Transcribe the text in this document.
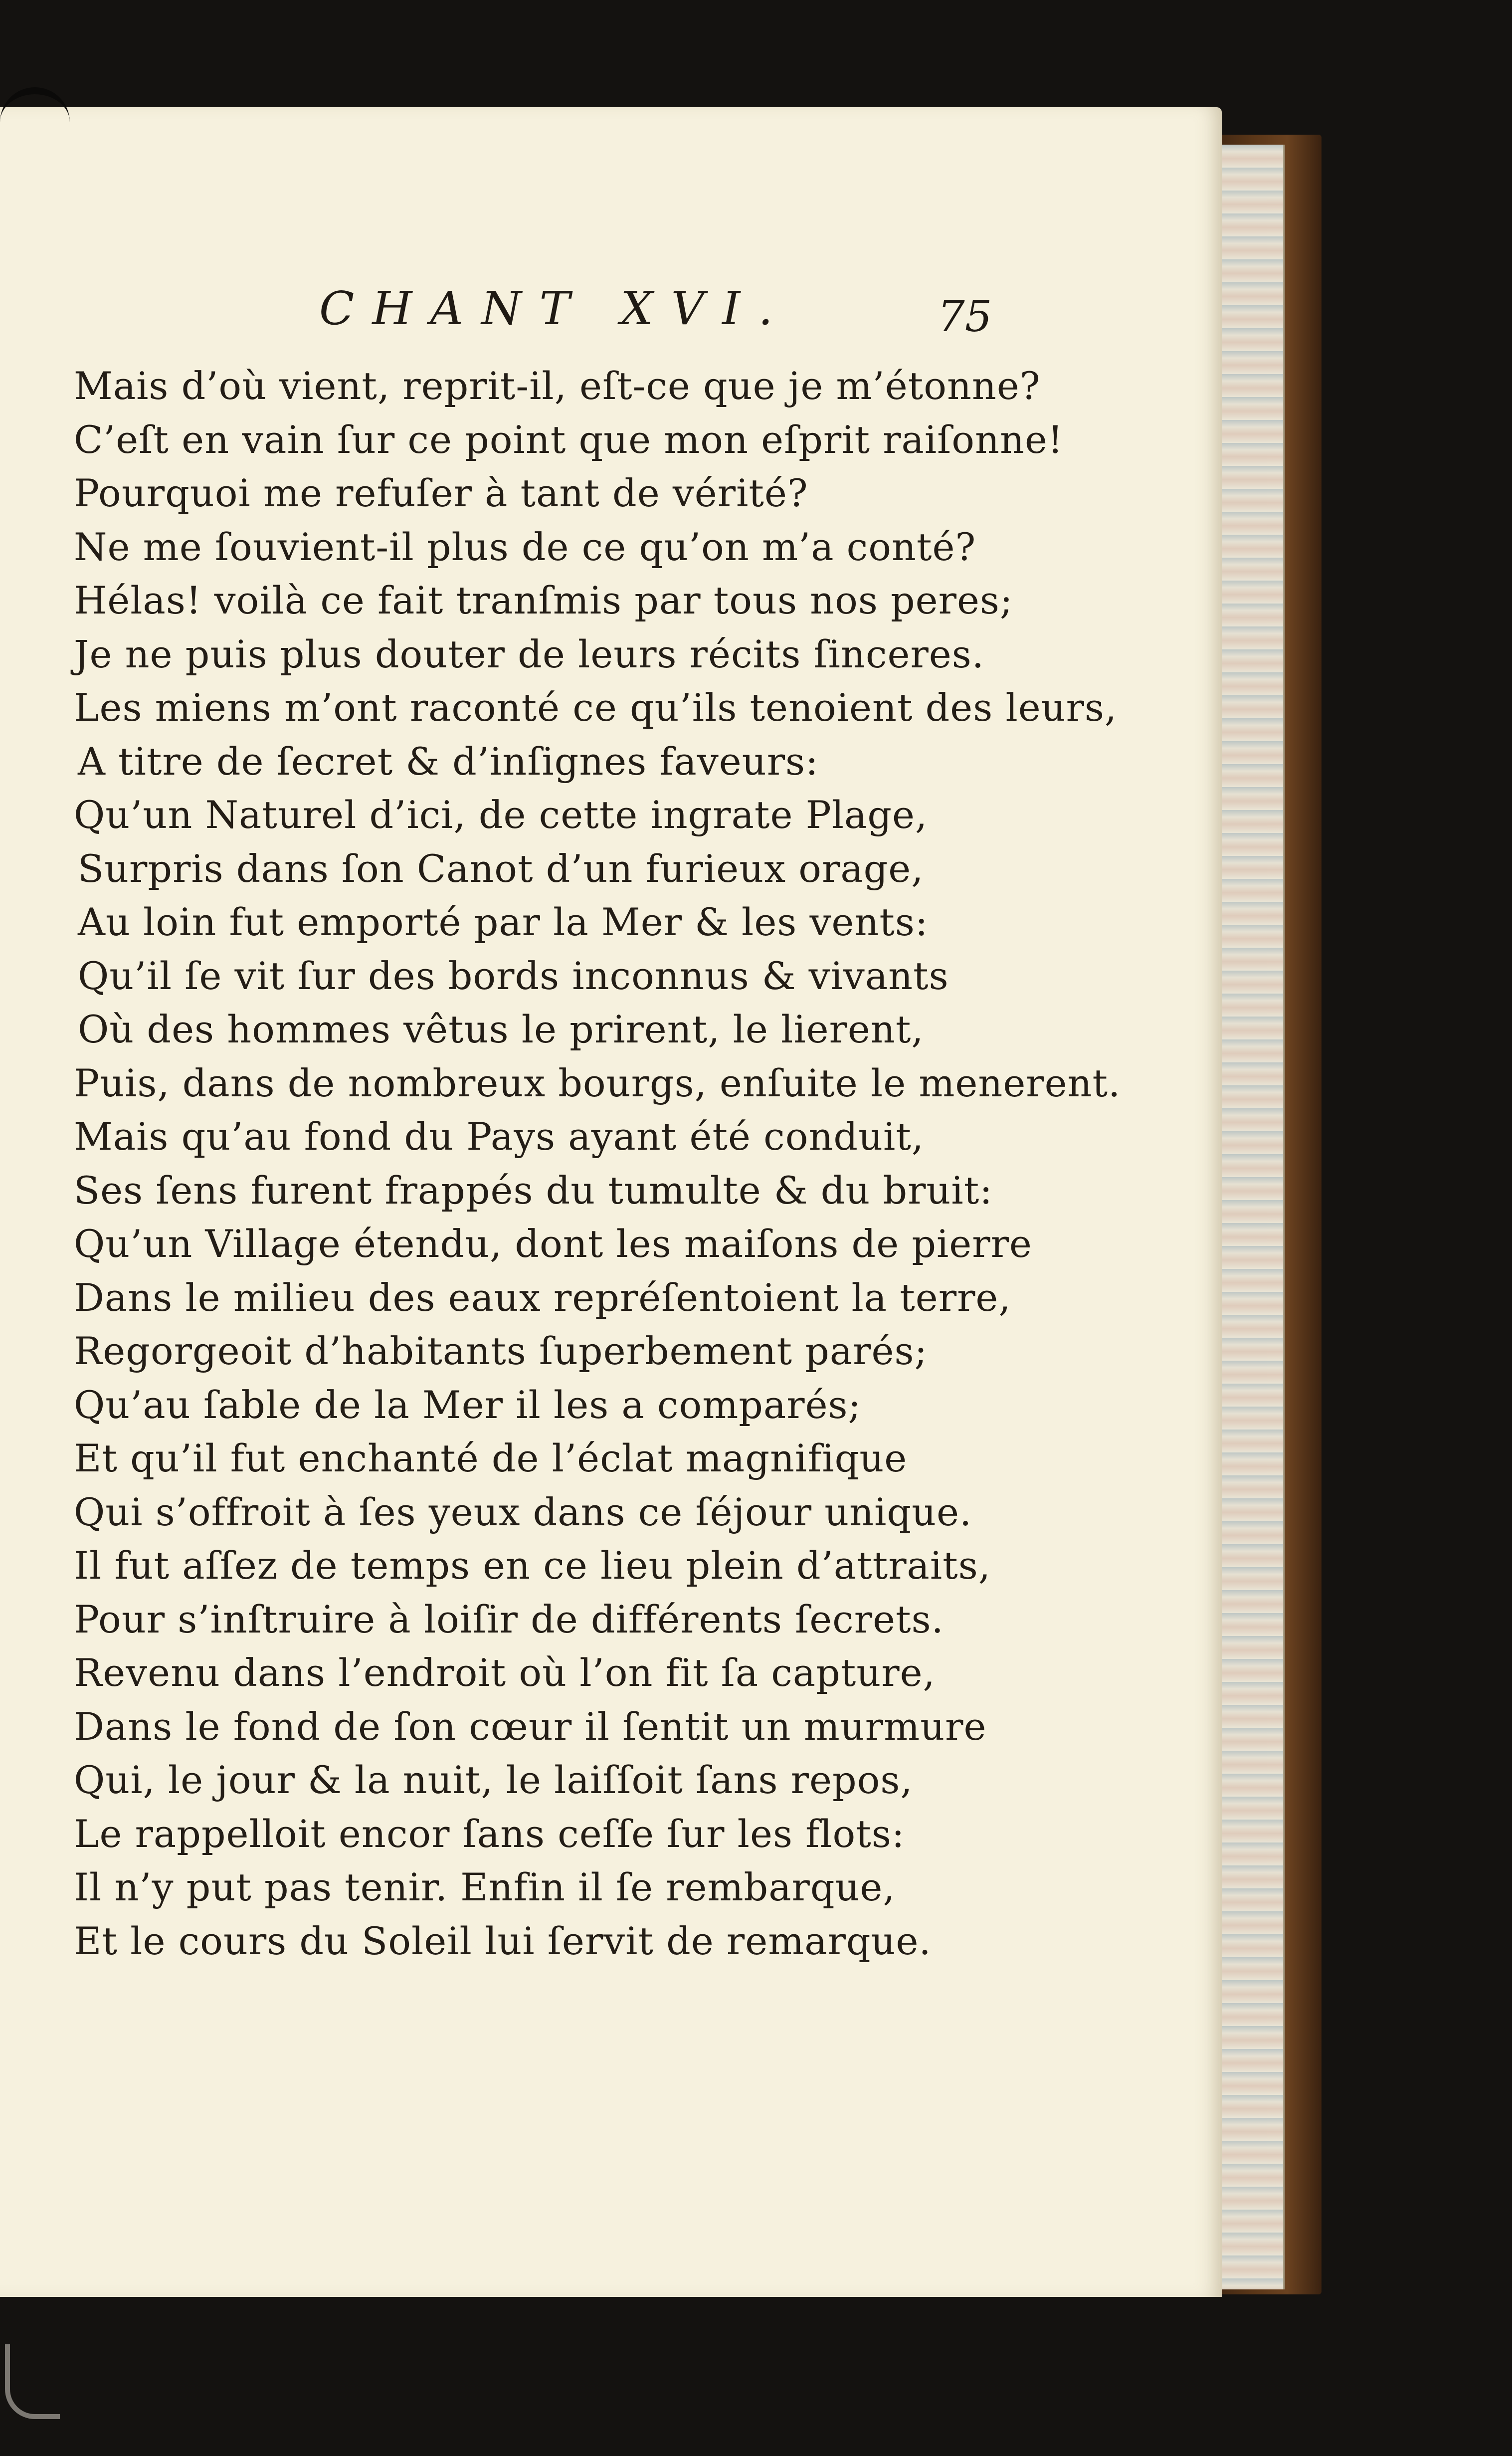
CHANT XVI.	75
Mais d’où vient, reprit-il, eſt-ce que je m’étonne?
C’eſt en vain ſur ce point que mon eſprit raiſonne!
Pourquoi me refuſer à tant de vérité?
Ne me ſouvient-il plus de ce qu’on m’a conté?
Hélas! voilà ce fait tranſmis par tous nos peres;
Je ne puis plus douter de leurs récits ſinceres.
Les miens m’ont raconté ce qu’ils tenoient des leurs,
A titre de ſecret & d’inſignes faveurs:
Qu’un Naturel d’ici, de cette ingrate Plage,
Surpris dans ſon Canot d’un furieux orage,
Au loin fut emporté par la Mer & les vents:
Qu’il ſe vit ſur des bords inconnus & vivants
Où des hommes vêtus le prirent, le lierent,
Puis, dans de nombreux bourgs, enſuite le menerent.
Mais qu’au fond du Pays ayant été conduit,
Ses ſens furent frappés du tumulte & du bruit:
Qu’un Village étendu, dont les maiſons de pierre
Dans le milieu des eaux repréſentoient la terre,
Regorgeoit d’habitants ſuperbement parés;
Qu’au ſable de la Mer il les a comparés;
Et qu’il fut enchanté de l’éclat magnifique
Qui s’offroit à ſes yeux dans ce ſéjour unique.
Il fut aſſez de temps en ce lieu plein d’attraits,
Pour s’inſtruire à loiſir de différents ſecrets.
Revenu dans l’endroit où l’on fit ſa capture,
Dans le fond de ſon cœur il ſentit un murmure
Qui, le jour & la nuit, le laiſſoit ſans repos,
Le rappelloit encor ſans ceſſe ſur les flots:
Il n’y put pas tenir. Enfin il ſe rembarque,
Et le cours du Soleil lui ſervit de remarque.
